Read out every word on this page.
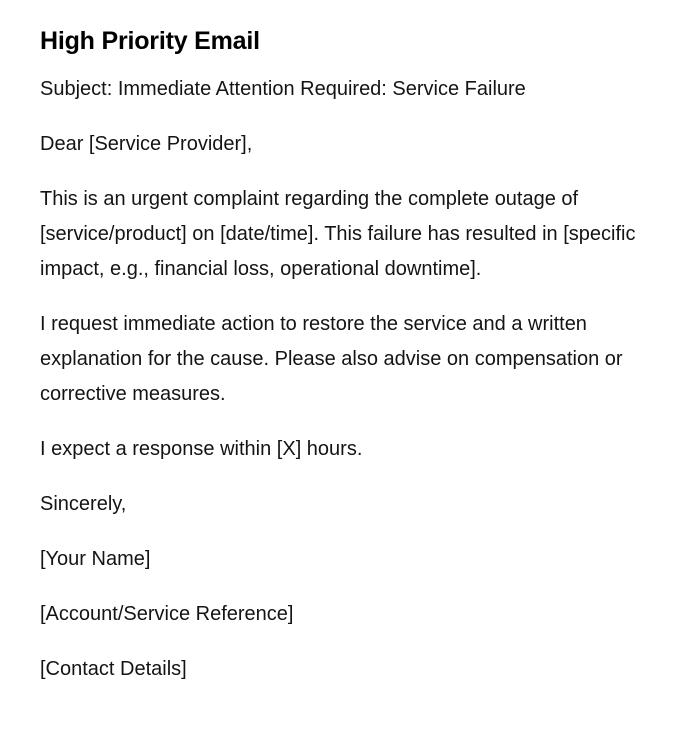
High Priority Email

Subject: Immediate Attention Required: Service Failure

Dear [Service Provider],

This is an urgent complaint regarding the complete outage of [service/product] on [date/time]. This failure has resulted in [specific impact, e.g., financial loss, operational downtime].

I request immediate action to restore the service and a written explanation for the cause. Please also advise on compensation or corrective measures.

I expect a response within [X] hours.

Sincerely,

[Your Name]

[Account/Service Reference]

[Contact Details]
